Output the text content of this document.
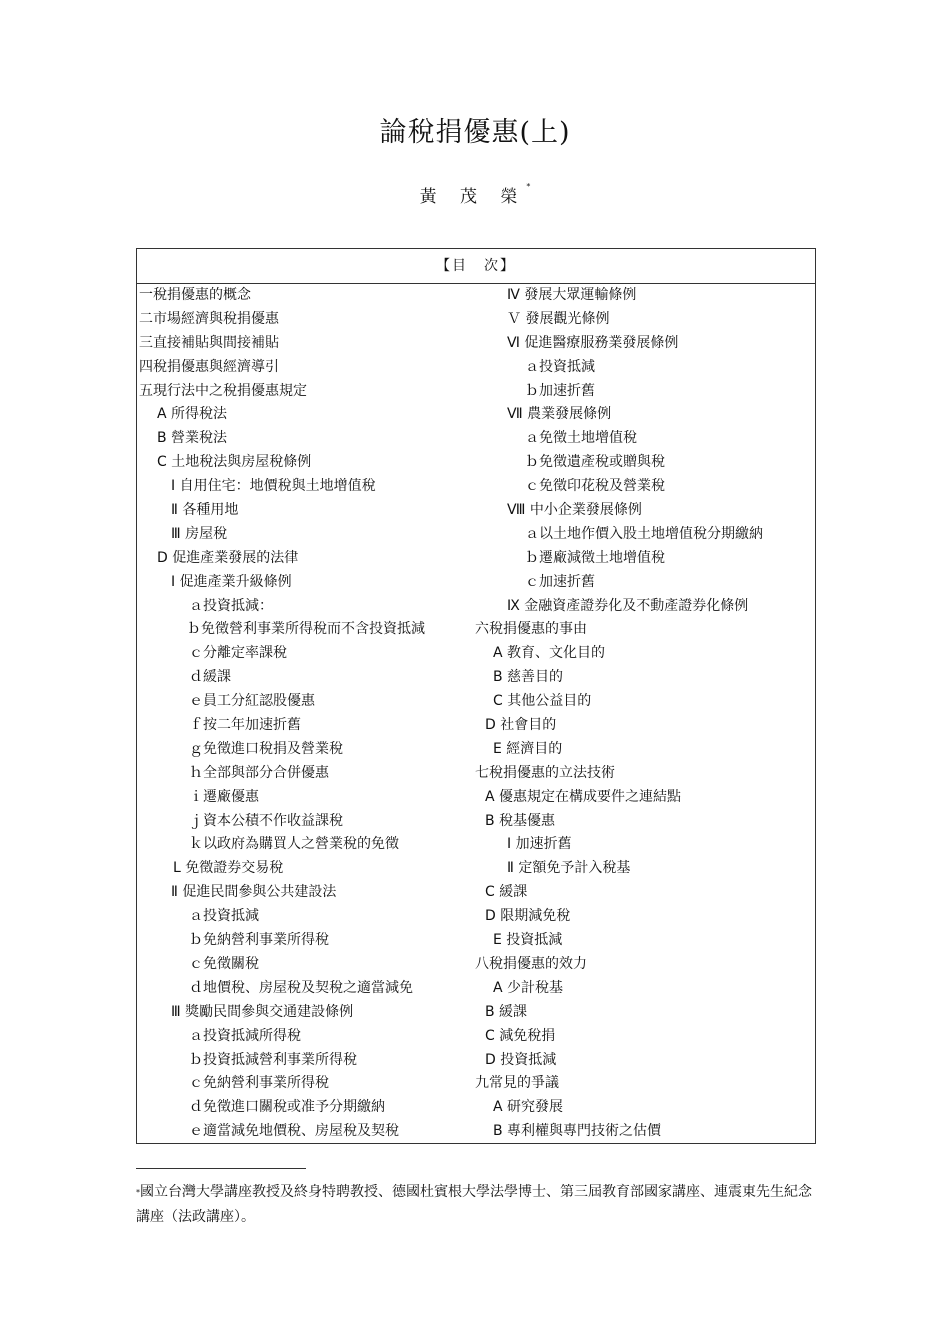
論稅捐優惠(上)
黃 茂 榮*
【目　次】
一稅捐優惠的概念
二市場經濟與稅捐優惠
三直接補貼與間接補貼
四稅捐優惠與經濟導引
五現行法中之稅捐優惠規定
A 所得稅法
B 營業稅法
C 土地稅法與房屋稅條例
Ⅰ 自用住宅：地價稅與土地增值稅
Ⅱ 各種用地
Ⅲ 房屋稅
D 促進產業發展的法律
Ⅰ 促進產業升級條例
ａ投資抵減：
ｂ免徵營利事業所得稅而不含投資抵減
ｃ分離定率課稅
ｄ緩課
ｅ員工分紅認股優惠
ｆ按二年加速折舊
ｇ免徵進口稅捐及營業稅
ｈ全部與部分合併優惠
ｉ遷廠優惠
ｊ資本公積不作收益課稅
ｋ以政府為購買人之營業稅的免徵
L 免徵證券交易稅
Ⅱ 促進民間參與公共建設法
ａ投資抵減
ｂ免納營利事業所得稅
ｃ免徵關稅
ｄ地價稅、房屋稅及契稅之適當減免
Ⅲ 獎勵民間參與交通建設條例
ａ投資抵減所得稅
ｂ投資抵減營利事業所得稅
ｃ免納營利事業所得稅
ｄ免徵進口關稅或准予分期繳納
ｅ適當減免地價稅、房屋稅及契稅
Ⅳ 發展大眾運輸條例
Ｖ 發展觀光條例
Ⅵ 促進醫療服務業發展條例
ａ投資抵減
ｂ加速折舊
Ⅶ 農業發展條例
ａ免徵土地增值稅
ｂ免徵遺產稅或贈與稅
ｃ免徵印花稅及營業稅
Ⅷ 中小企業發展條例
ａ以土地作價入股土地增值稅分期繳納
ｂ遷廠減徵土地增值稅
ｃ加速折舊
Ⅸ 金融資產證券化及不動產證券化條例
六稅捐優惠的事由
A 教育、文化目的
B 慈善目的
C 其他公益目的
D 社會目的
E 經濟目的
七稅捐優惠的立法技術
A 優惠規定在構成要件之連結點
B 稅基優惠
Ⅰ 加速折舊
Ⅱ 定額免予計入稅基
C 緩課
D 限期減免稅
E 投資抵減
八稅捐優惠的效力
A 少計稅基
B 緩課
C 減免稅捐
D 投資抵減
九常見的爭議
A 研究發展
B 專利權與專門技術之估價
*國立台灣大學講座教授及終身特聘教授、德國杜賓根大學法學博士、第三屆教育部國家講座、連震東先生紀念講座（法政講座）。
